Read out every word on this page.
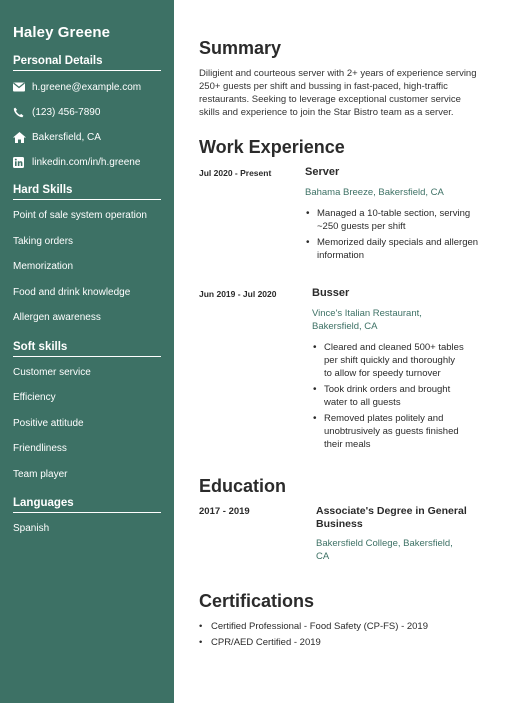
Haley Greene
Personal Details
h.greene@example.com
(123) 456-7890
Bakersfield, CA
linkedin.com/in/h.greene
Hard Skills
Point of sale system operation
Taking orders
Memorization
Food and drink knowledge
Allergen awareness
Soft skills
Customer service
Efficiency
Positive attitude
Friendliness
Team player
Languages
Spanish
Summary

Diligient and courteous server with 2+ years of experience serving 250+ guests per shift and bussing in fast-paced, high-traffic restaurants. Seeking to leverage exceptional customer service skills and experience to join the Star Bistro team as a server.

Work Experience
Jul 2020 - Present	Server
Bahama Breeze, Bakersfield, CA
• Managed a 10-table section, serving ~250 guests per shift
• Memorized daily specials and allergen information
Jun 2019 - Jul 2020	Busser
Vince's Italian Restaurant, Bakersfield, CA
• Cleared and cleaned 500+ tables per shift quickly and thoroughly to allow for speedy turnover
• Took drink orders and brought water to all guests
• Removed plates politely and unobtrusively as guests finished their meals
Education
2017 - 2019	Associate's Degree in General Business
Bakersfield College, Bakersfield, CA
Certifications
• Certified Professional - Food Safety (CP-FS) - 2019
• CPR/AED Certified - 2019
